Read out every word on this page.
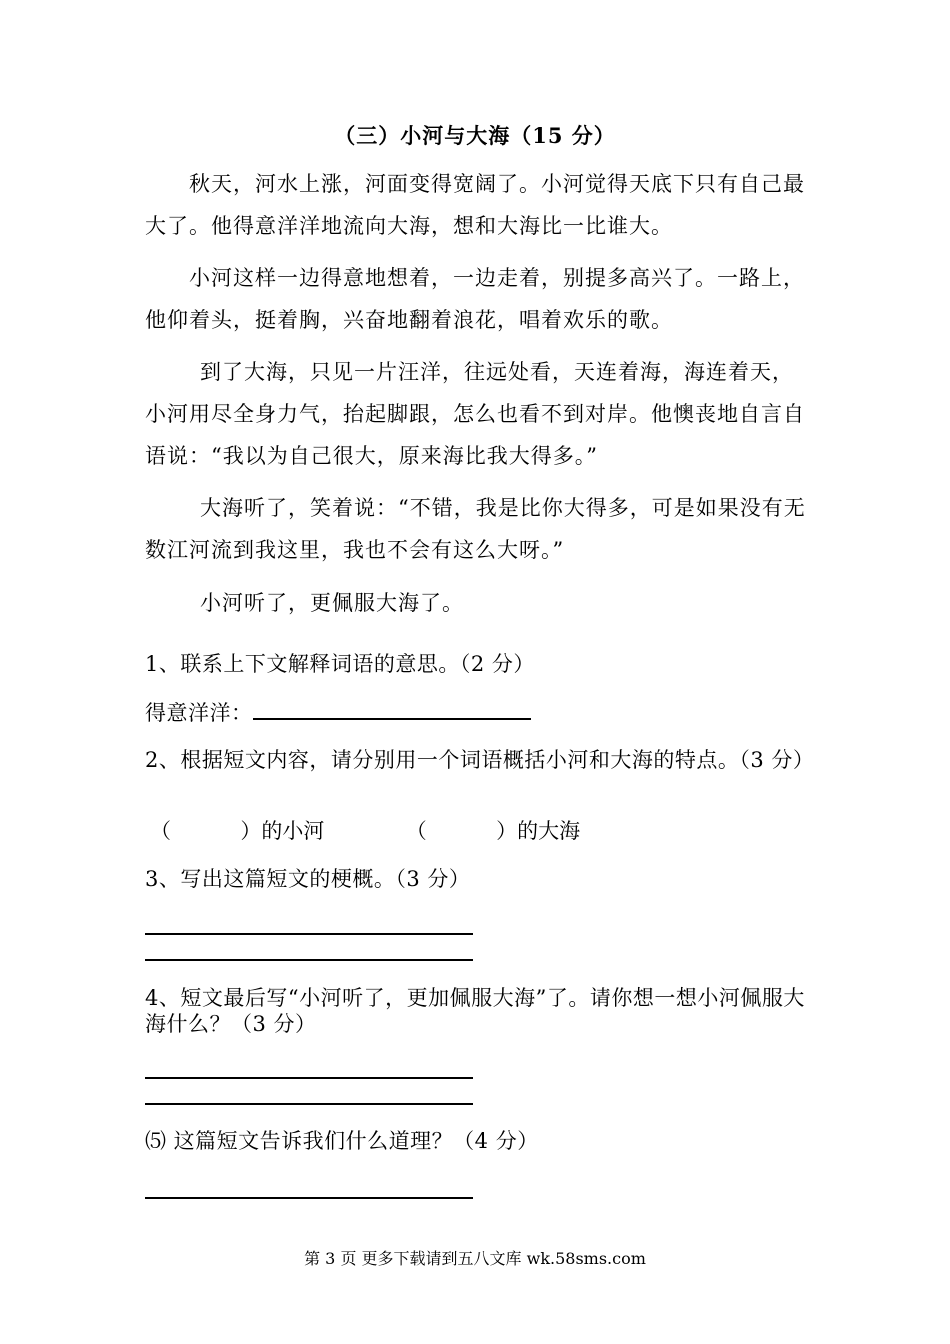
（三）小河与大海（15 分）

秋天，河水上涨，河面变得宽阔了。小河觉得天底下只有自己最大了。他得意洋洋地流向大海，想和大海比一比谁大。

小河这样一边得意地想着，一边走着，别提多高兴了。一路上，他仰着头，挺着胸，兴奋地翻着浪花，唱着欢乐的歌。

到了大海，只见一片汪洋，往远处看，天连着海，海连着天，小河用尽全身力气，抬起脚跟，怎么也看不到对岸。他懊丧地自言自语说：“我以为自己很大，原来海比我大得多。”

大海听了，笑着说：“不错，我是比你大得多，可是如果没有无数江河流到我这里，我也不会有这么大呀。”

小河听了，更佩服大海了。

1、联系上下文解释词语的意思。（2 分）

得意洋洋：

2、根据短文内容，请分别用一个词语概括小河和大海的特点。（3 分）

（	）的小河	（	）的大海

3、写出这篇短文的梗概。（3 分）

4、短文最后写“小河听了，更加佩服大海”了。请你想一想小河佩服大海什么？（3 分）

⑸ 这篇短文告诉我们什么道理？（4 分）

第 3 页 更多下载请到五八文库 wk.58sms.com
